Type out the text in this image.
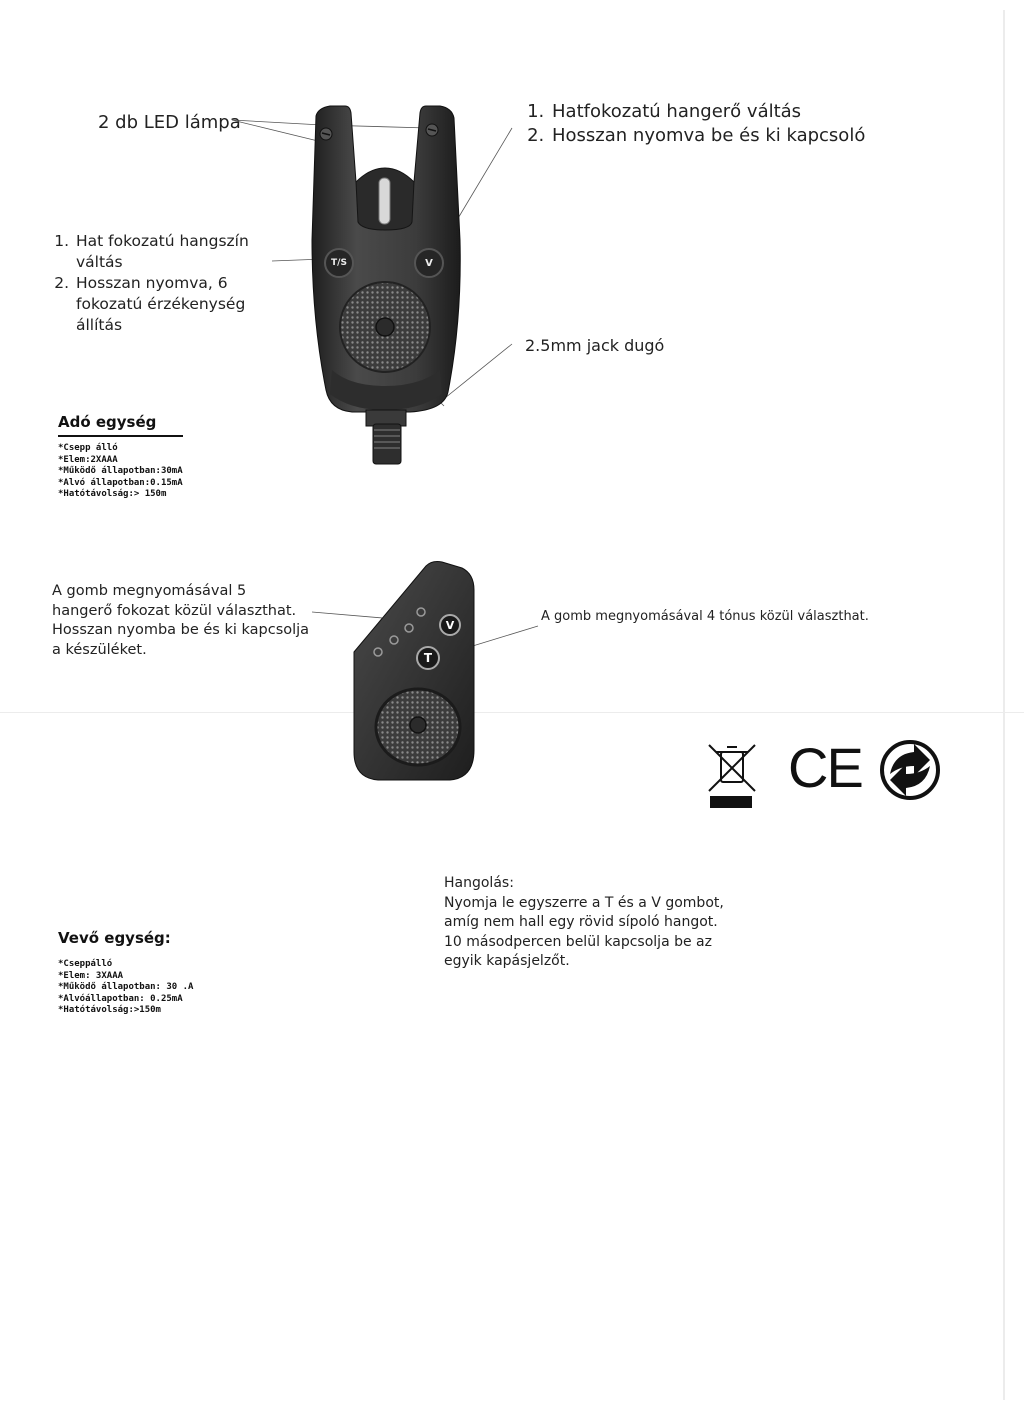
2 db LED lámpa
1. Hatfokozatú hangerő váltás
2. Hosszan nyomva be és ki kapcsoló
1. Hat fokozatú hangszín váltás
2. Hosszan nyomva, 6 fokozatú érzékenység állítás
2.5mm jack dugó
Adó egység
* Csepp álló
* Elem:2XAAA
* Működő állapotban:30mA
* Alvó állapotban:0.15mA
* Hatótávolság:> 150m
A gomb megnyomásával 5 hangerő fokozat közül választhat. Hosszan nyomba be és ki kapcsolja a készüléket.
A gomb megnyomásával 4 tónus közül választhat.
Vevő egység:
* Cseppálló
* Elem: 3XAAA
* Működő állapotban: 30 .A
* Alvóállapotban: 0.25mA
* Hatótávolság:>150m

Hangolás:

Nyomja le egyszerre a T és a V gombot,

amíg nem hall egy rövid sípoló hangot.

10 másodpercen belül kapcsolja be az

egyik kapásjelzőt.

T/S	V
V
T
CE
